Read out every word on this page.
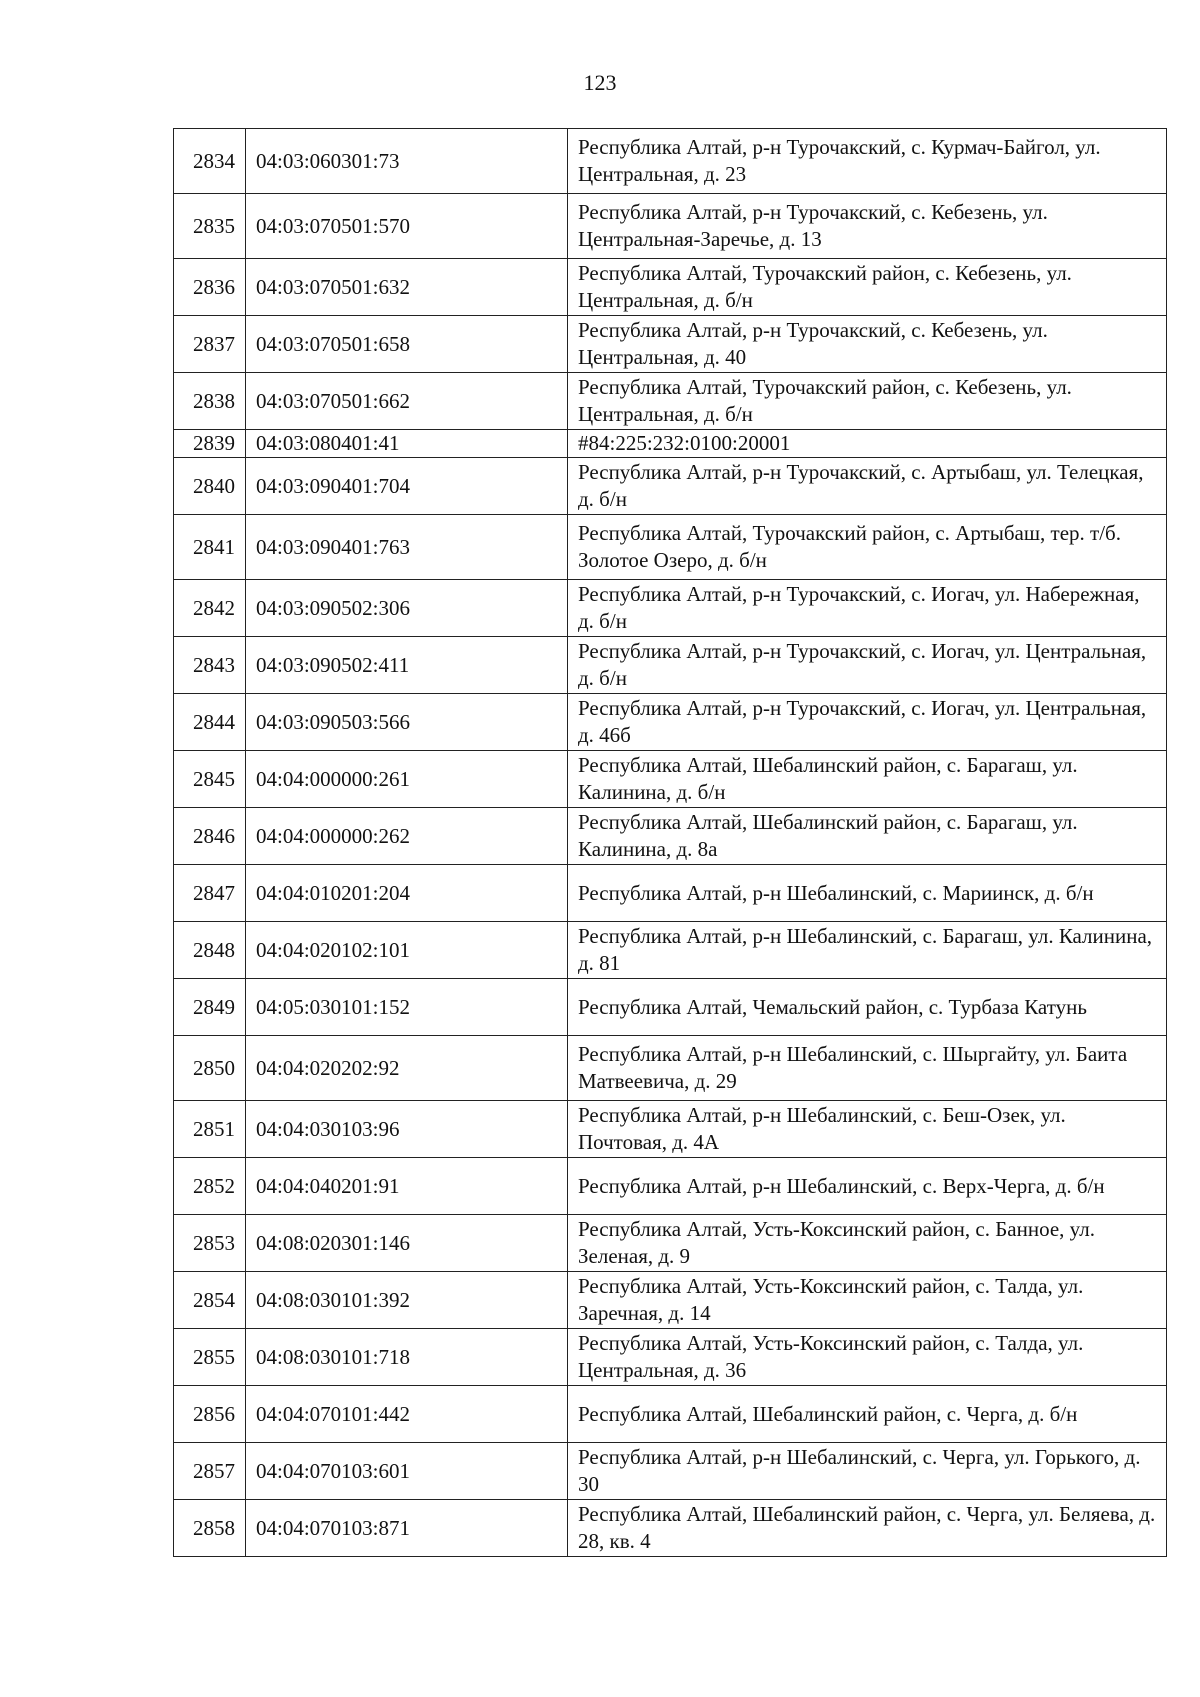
123
2834	04:03:060301:73	Республика Алтай, р-н Турочакский, с. Курмач-Байгол, ул. Центральная, д. 23
2835	04:03:070501:570	Республика Алтай, р-н Турочакский, с. Кебезень, ул. Центральная-Заречье, д. 13
2836	04:03:070501:632	Республика Алтай, Турочакский район, с. Кебезень, ул. Центральная, д. б/н
2837	04:03:070501:658	Республика Алтай, р-н Турочакский, с. Кебезень, ул. Центральная, д. 40
2838	04:03:070501:662	Республика Алтай, Турочакский район, с. Кебезень, ул. Центральная, д. б/н
2839	04:03:080401:41	#84:225:232:0100:20001
2840	04:03:090401:704	Республика Алтай, р-н Турочакский, с. Артыбаш, ул. Телецкая, д. б/н
2841	04:03:090401:763	Республика Алтай, Турочакский район, с. Артыбаш, тер. т/б. Золотое Озеро, д. б/н
2842	04:03:090502:306	Республика Алтай, р-н Турочакский, с. Иогач, ул. Набережная, д. б/н
2843	04:03:090502:411	Республика Алтай, р-н Турочакский, с. Иогач, ул. Центральная, д. б/н
2844	04:03:090503:566	Республика Алтай, р-н Турочакский, с. Иогач, ул. Центральная, д. 46б
2845	04:04:000000:261	Республика Алтай, Шебалинский район, с. Барагаш, ул. Калинина, д. б/н
2846	04:04:000000:262	Республика Алтай, Шебалинский район, с. Барагаш, ул. Калинина, д. 8а
2847	04:04:010201:204	Республика Алтай, р-н Шебалинский, с. Мариинск, д. б/н
2848	04:04:020102:101	Республика Алтай, р-н Шебалинский, с. Барагаш, ул. Калинина, д. 81
2849	04:05:030101:152	Республика Алтай, Чемальский район, с. Турбаза Катунь
2850	04:04:020202:92	Республика Алтай, р-н Шебалинский, с. Шыргайту, ул. Баита Матвеевича, д. 29
2851	04:04:030103:96	Республика Алтай, р-н Шебалинский, с. Беш-Озек, ул. Почтовая, д. 4А
2852	04:04:040201:91	Республика Алтай, р-н Шебалинский, с. Верх-Черга, д. б/н
2853	04:08:020301:146	Республика Алтай, Усть-Коксинский район, с. Банное, ул. Зеленая, д. 9
2854	04:08:030101:392	Республика Алтай, Усть-Коксинский район, с. Талда, ул. Заречная, д. 14
2855	04:08:030101:718	Республика Алтай, Усть-Коксинский район, с. Талда, ул. Центральная, д. 36
2856	04:04:070101:442	Республика Алтай, Шебалинский район, с. Черга, д. б/н
2857	04:04:070103:601	Республика Алтай, р-н Шебалинский, с. Черга, ул. Горького, д. 30
2858	04:04:070103:871	Республика Алтай, Шебалинский район, с. Черга, ул. Беляева, д. 28, кв. 4
